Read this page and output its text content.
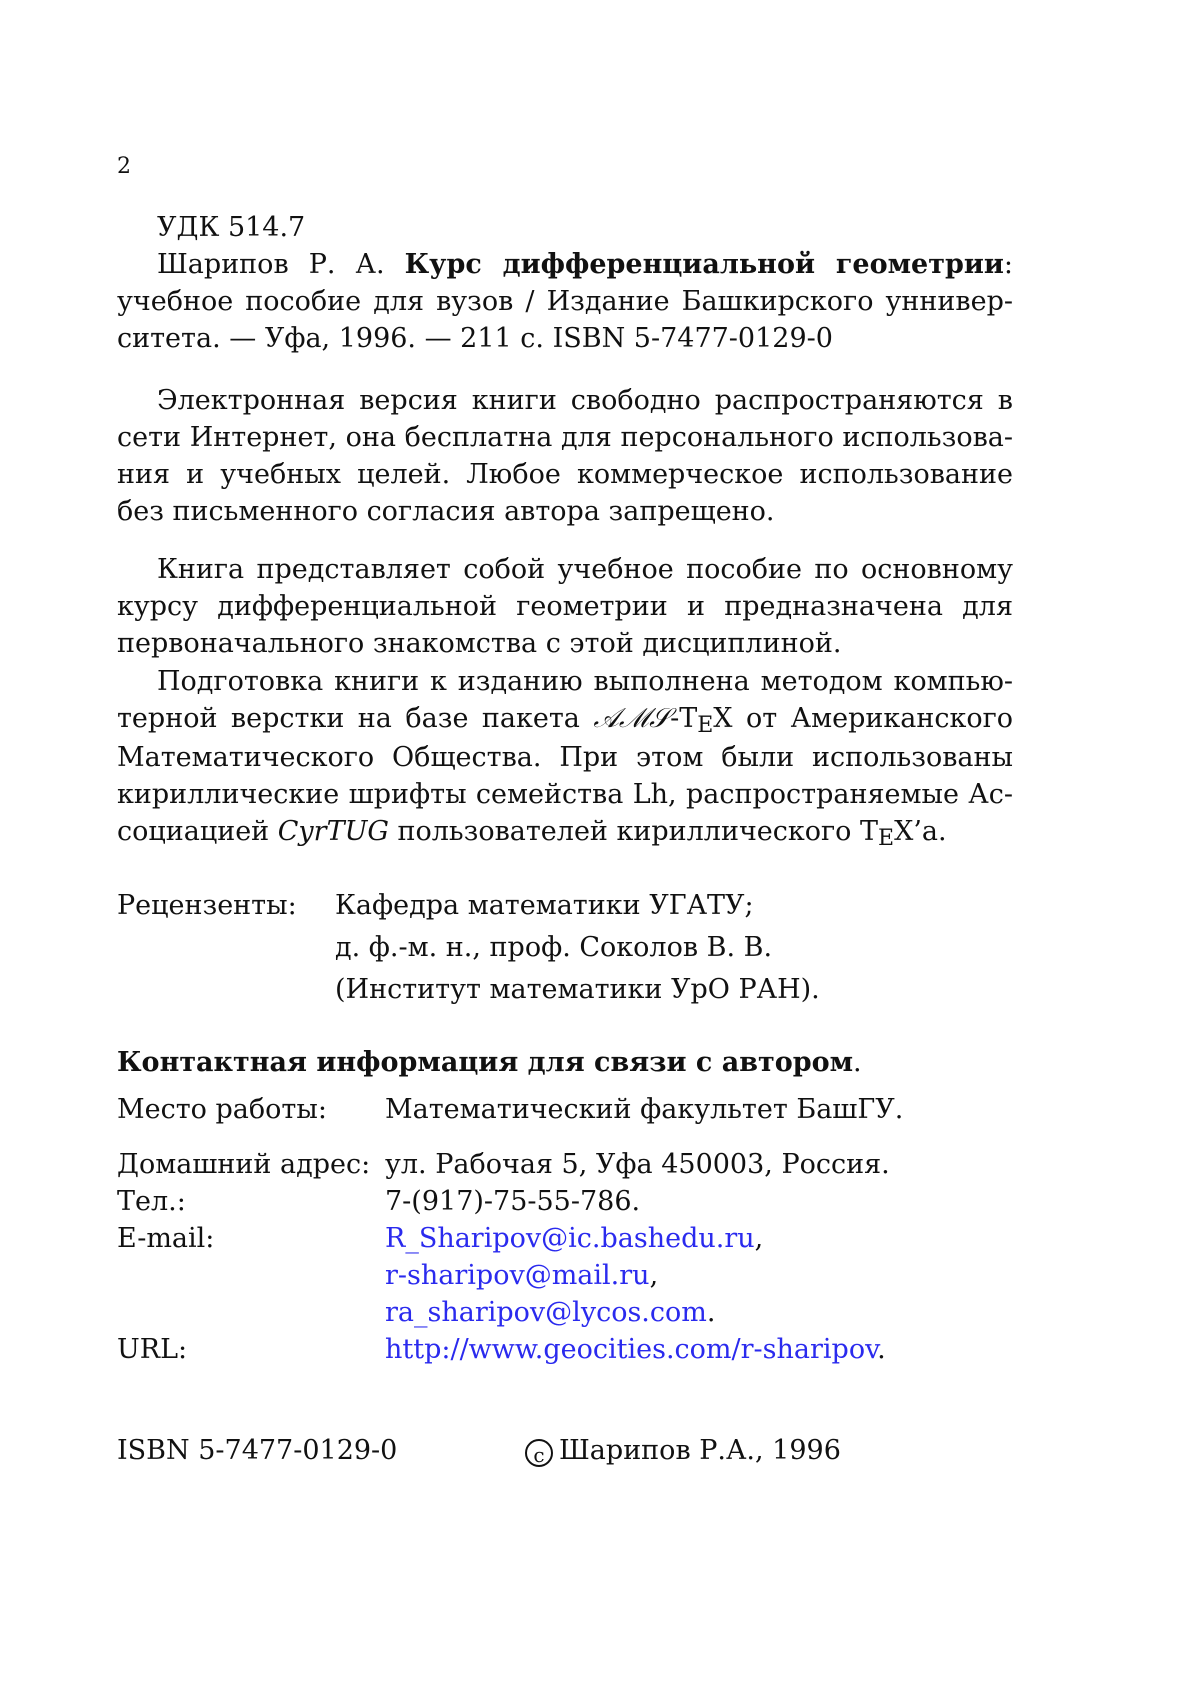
2

УДК 514.7

Шарипов Р. А. Курс дифференциальной геометрии: учебное пособие для вузов / Издание Башкирского унниверситета. — Уфа, 1996. — 211 с. ISBN 5-7477-0129-0

Электронная версия книги свободно распространяются в сети Интернет, она бесплатна для персонального использования и учебных целей. Любое коммерческое использование без письменного согласия автора запрещено.

Книга представляет собой учебное пособие по основному курсу дифференциальной геометрии и предназначена для первоначального знакомства с этой дисциплиной.

Подготовка книги к изданию выполнена методом компьютерной верстки на базе пакета 𝒜ℳ𝒮-TEX от Американского Математического Общества. При этом были использованы кириллические шрифты семейства Lh, распространяемые Ассоциацией CyrTUG пользователей кириллического TEX’а.

Рецензенты:	Кафедра математики УГАТУ;
д. ф.-м. н., проф. Соколов В. В.
(Институт математики УрО РАН).
Контактная информация для связи с автором.
Место работы:	Математический факультет БашГУ.
Домашний адрес: ул. Рабочая 5, Уфа 450003, Россия.
Тел.:	7-(917)-75-55-786.
E-mail:	R_Sharipov@ic.bashedu.ru,
r-sharipov@mail.ru,
ra_sharipov@lycos.com.
URL:	http://www.geocities.com/r-sharipov.
ISBN 5-7477-0129-0	c Шарипов Р.А., 1996
